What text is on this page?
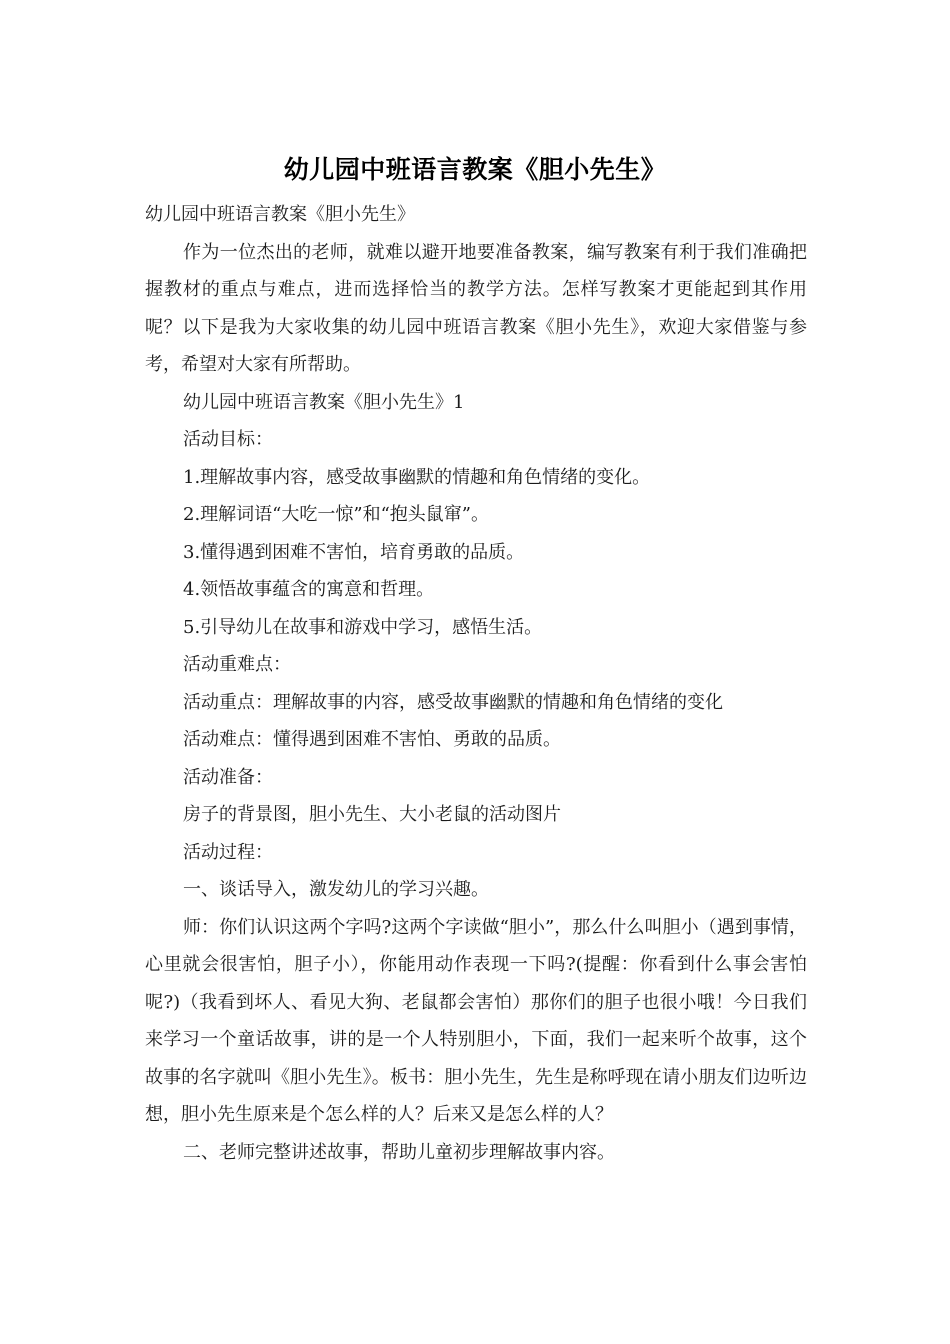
幼儿园中班语言教案《胆小先生》

幼儿园中班语言教案《胆小先生》

作为一位杰出的老师，就难以避开地要准备教案，编写教案有利于我们准确把握教材的重点与难点，进而选择恰当的教学方法。怎样写教案才更能起到其作用呢？以下是我为大家收集的幼儿园中班语言教案《胆小先生》，欢迎大家借鉴与参考，希望对大家有所帮助。

幼儿园中班语言教案《胆小先生》1

活动目标：

1.理解故事内容，感受故事幽默的情趣和角色情绪的变化。

2.理解词语“大吃一惊”和“抱头鼠窜”。

3.懂得遇到困难不害怕，培育勇敢的品质。

4.领悟故事蕴含的寓意和哲理。

5.引导幼儿在故事和游戏中学习，感悟生活。

活动重难点：

活动重点：理解故事的内容，感受故事幽默的情趣和角色情绪的变化

活动难点：懂得遇到困难不害怕、勇敢的品质。

活动准备：

房子的背景图，胆小先生、大小老鼠的活动图片

活动过程：

一、谈话导入，激发幼儿的学习兴趣。

师：你们认识这两个字吗?这两个字读做“胆小”，那么什么叫胆小（遇到事情，心里就会很害怕，胆子小），你能用动作表现一下吗?(提醒：你看到什么事会害怕呢?)（我看到坏人、看见大狗、老鼠都会害怕）那你们的胆子也很小哦！今日我们来学习一个童话故事，讲的是一个人特别胆小，下面，我们一起来听个故事，这个故事的名字就叫《胆小先生》。板书：胆小先生，先生是称呼现在请小朋友们边听边想，胆小先生原来是个怎么样的人？后来又是怎么样的人？

二、老师完整讲述故事，帮助儿童初步理解故事内容。
